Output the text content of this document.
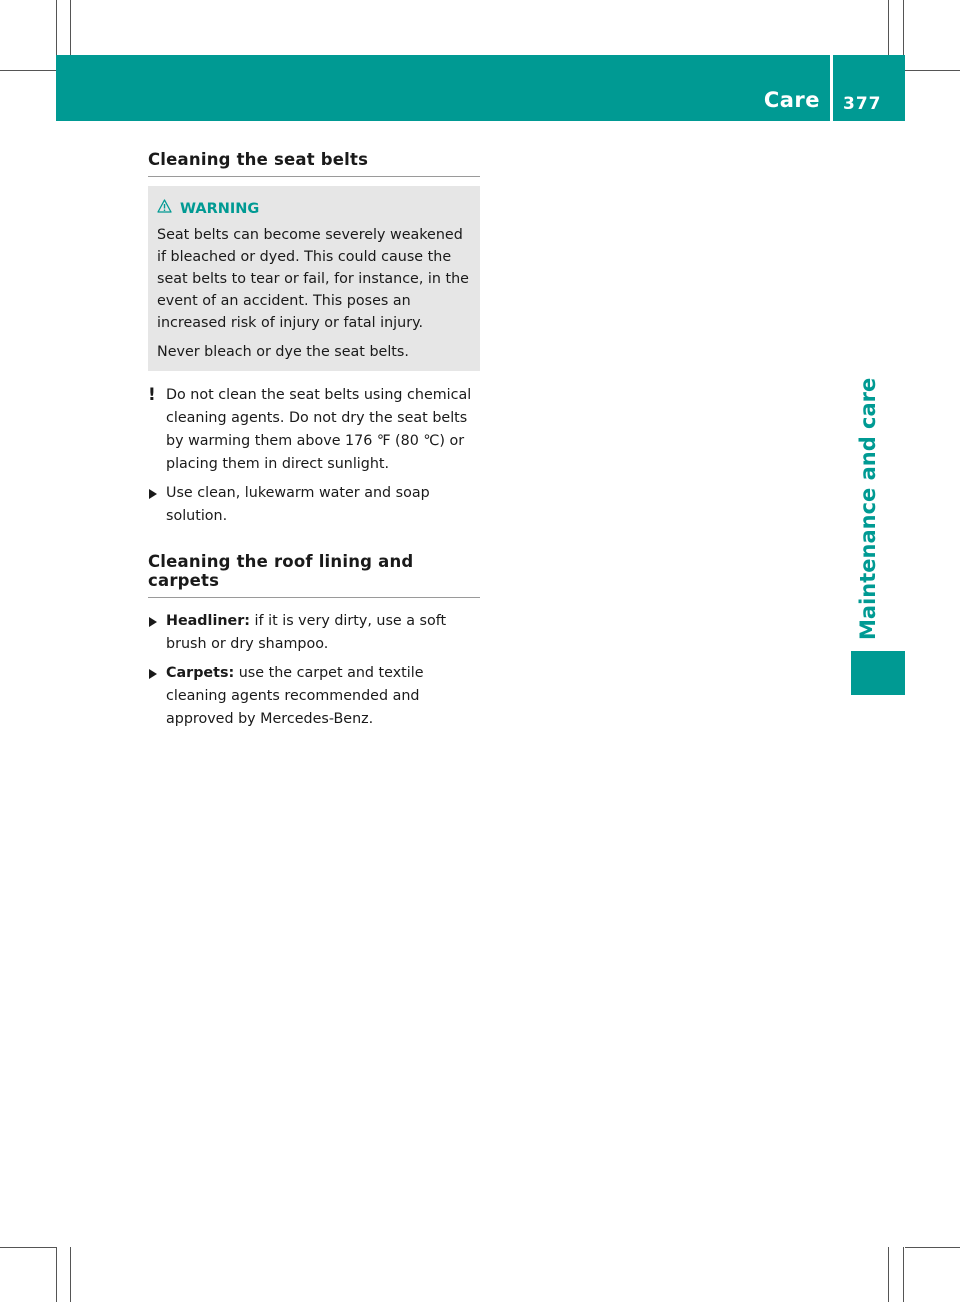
Care 377
Maintenance and care
Cleaning the seat belts
WARNING

Seat belts can become severely weakened if bleached or dyed. This could cause the seat belts to tear or fail, for instance, in the event of an accident. This poses an increased risk of injury or fatal injury.

Never bleach or dye the seat belts.

! Do not clean the seat belts using chemical cleaning agents. Do not dry the seat belts by warming them above 176 ℉ (80 ℃) or placing them in direct sunlight.
Use clean, lukewarm water and soap solution.
Cleaning the roof lining and carpets
Headliner: if it is very dirty, use a soft brush or dry shampoo.
Carpets: use the carpet and textile cleaning agents recommended and approved by Mercedes-Benz.
